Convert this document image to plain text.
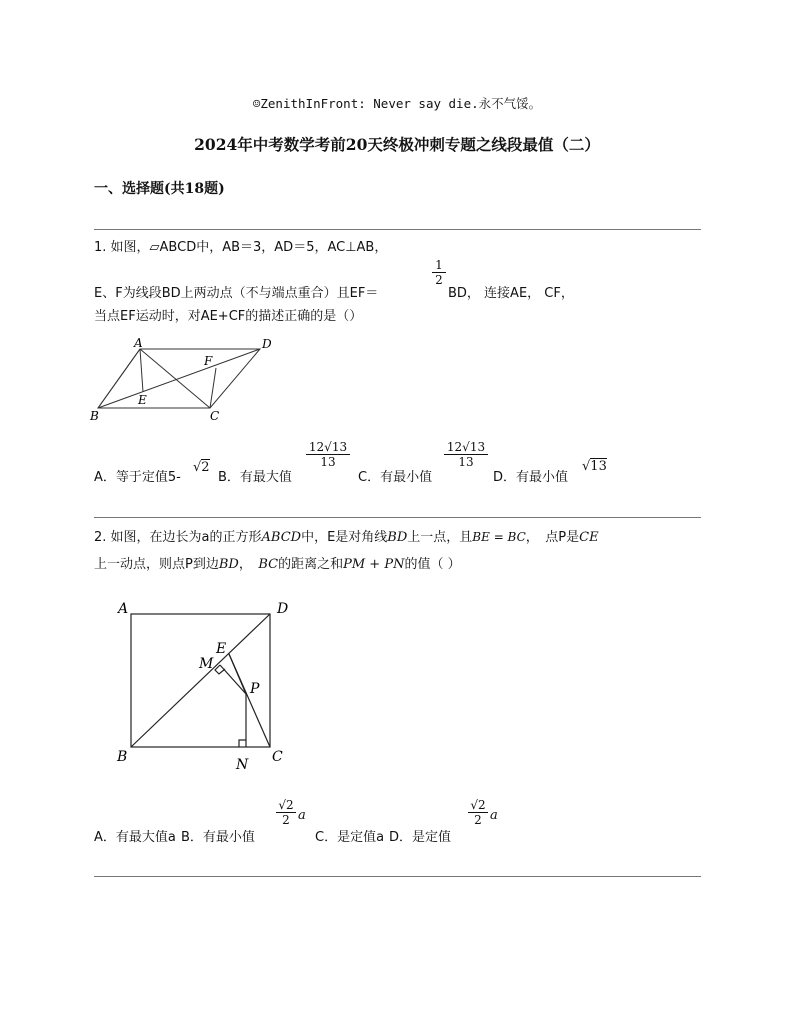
☺ZenithInFront: Never say die.永不气馁。
2024年中考数学考前20天终极冲刺专题之线段最值（二）
一、选择题(共18题)
1. 如图，▱ABCD中，AB＝3，AD＝5，AC⊥AB，
E、F为线段BD上两动点（不与端点重合）且EF＝
$\frac{1}{2}$
BD， 连接AE， CF，
当点EF运动时，对AE+CF的描述正确的是（）
A	D
F
B
E
C
A．等于定值5-
√2
B．有最大值
$\frac{12√13}{13}$
C．有最小值
$\frac{12√13}{13}$
D．有最小值
√13
2. 如图，在边长为a的正方形ABCD中，E是对角线BD上一点，且BE = BC，　点P是CE
上一动点，则点P到边BD，　BC的距离之和PM + PN的值（ ）
A	D
E
M
P
B	N C
A．有最大值a B．有最小值
$\frac{√2}{2}$ a
C．是定值a D．是定值
$\frac{√2}{2}$ a
